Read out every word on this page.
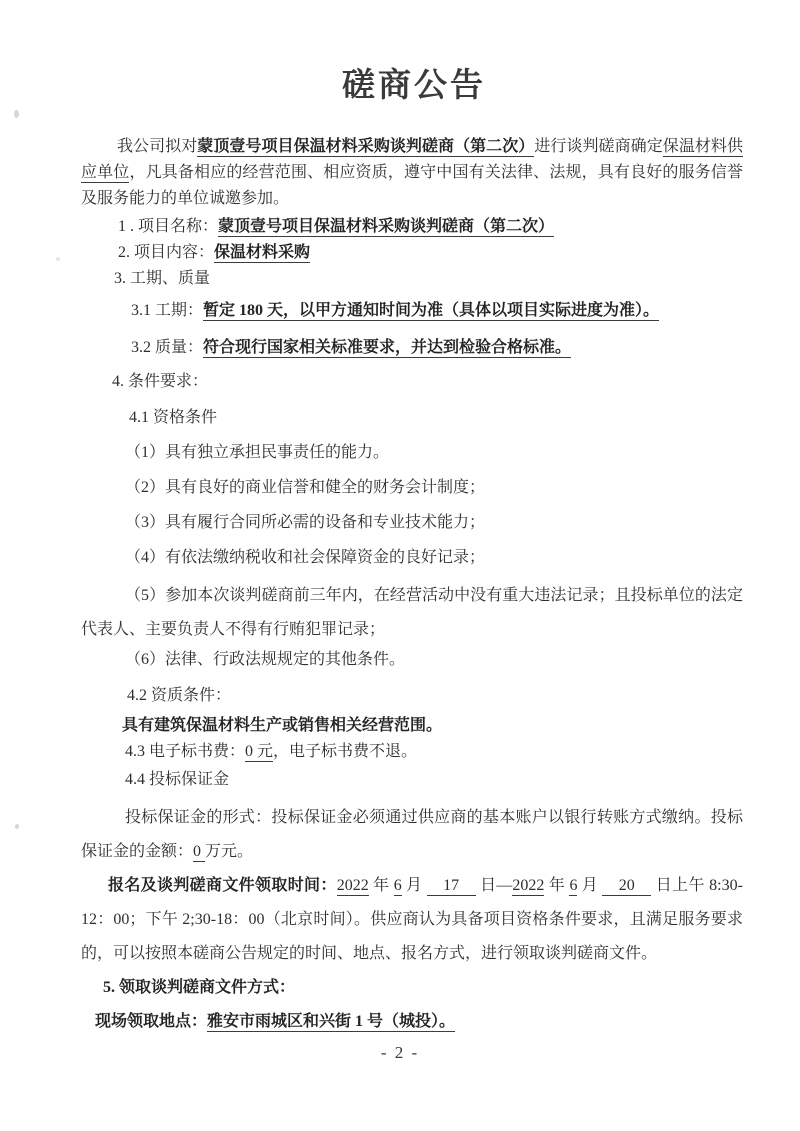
磋商公告

我公司拟对蒙顶壹号项目保温材料采购谈判磋商（第二次）进行谈判磋商确定保温材料供应单位，凡具备相应的经营范围、相应资质，遵守中国有关法律、法规，具有良好的服务信誉及服务能力的单位诚邀参加。

1 . 项目名称：蒙顶壹号项目保温材料采购谈判磋商（第二次）

2. 项目内容：保温材料采购

3. 工期、质量

3.1 工期：暂定 180 天，以甲方通知时间为准（具体以项目实际进度为准）。

3.2 质量：符合现行国家相关标准要求，并达到检验合格标准。

4. 条件要求：

4.1 资格条件

（1）具有独立承担民事责任的能力。

（2）具有良好的商业信誉和健全的财务会计制度；

（3）具有履行合同所必需的设备和专业技术能力；

（4）有依法缴纳税收和社会保障资金的良好记录；

（5）参加本次谈判磋商前三年内，在经营活动中没有重大违法记录；且投标单位的法定代表人、主要负责人不得有行贿犯罪记录；

（6）法律、行政法规规定的其他条件。

4.2 资质条件：

具有建筑保温材料生产或销售相关经营范围。

4.3 电子标书费：0 元，电子标书费不退。

4.4 投标保证金

投标保证金的形式：投标保证金必须通过供应商的基本账户以银行转账方式缴纳。投标保证金的金额：0 万元。

报名及谈判磋商文件领取时间：2022 年 6 月 　17　 日—2022 年 6 月 　20　 日上午 8:30-12：00；下午 2;30-18：00（北京时间）。供应商认为具备项目资格条件要求，且满足服务要求的，可以按照本磋商公告规定的时间、地点、报名方式，进行领取谈判磋商文件。

5. 领取谈判磋商文件方式：

现场领取地点：雅安市雨城区和兴街 1 号（城投）。

- 2 -
